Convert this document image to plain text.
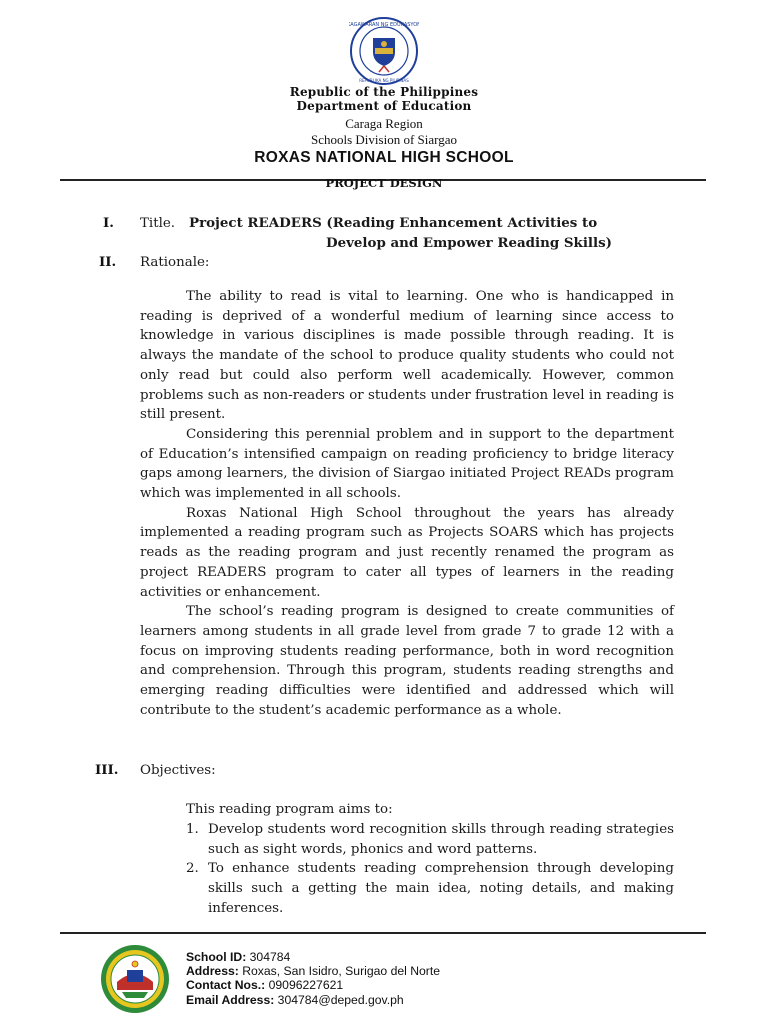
KAGAWARAN NG EDUKASYON
REPUBLIKA NG PILIPINAS
Republic of the Philippines
Department of Education
Caraga Region
Schools Division of Siargao
ROXAS NATIONAL HIGH SCHOOL
PROJECT DESIGN
I. Title. Project READERS (Reading Enhancement Activities to
Develop and Empower Reading Skills)
II. Rationale:

The ability to read is vital to learning. One who is handicapped in reading is deprived of a wonderful medium of learning since access to knowledge in various disciplines is made possible through reading. It is always the mandate of the school to produce quality students who could not only read but could also perform well academically. However, common problems such as non-readers or students under frustration level in reading is still present.

Considering this perennial problem and in support to the department of Education’s intensified campaign on reading proficiency to bridge literacy gaps among learners, the division of Siargao initiated Project READs program which was implemented in all schools.

Roxas National High School throughout the years has already implemented a reading program such as Projects SOARS which has projects reads as the reading program and just recently renamed the program as project READERS program to cater all types of learners in the reading activities or enhancement.

The school’s reading program is designed to create communities of learners among students in all grade level from grade 7 to grade 12 with a focus on improving students reading performance, both in word recognition and comprehension. Through this program, students reading strengths and emerging reading difficulties were identified and addressed which will contribute to the student’s academic performance as a whole.

III. Objectives:
This reading program aims to:
1. Develop students word recognition skills through reading strategies such as sight words, phonics and word patterns.
2. To enhance students reading comprehension through developing skills such a getting the main idea, noting details, and making inferences.
School ID: 304784
Address: Roxas, San Isidro, Surigao del Norte
Contact Nos.: 09096227621
Email Address: 304784@deped.gov.ph
